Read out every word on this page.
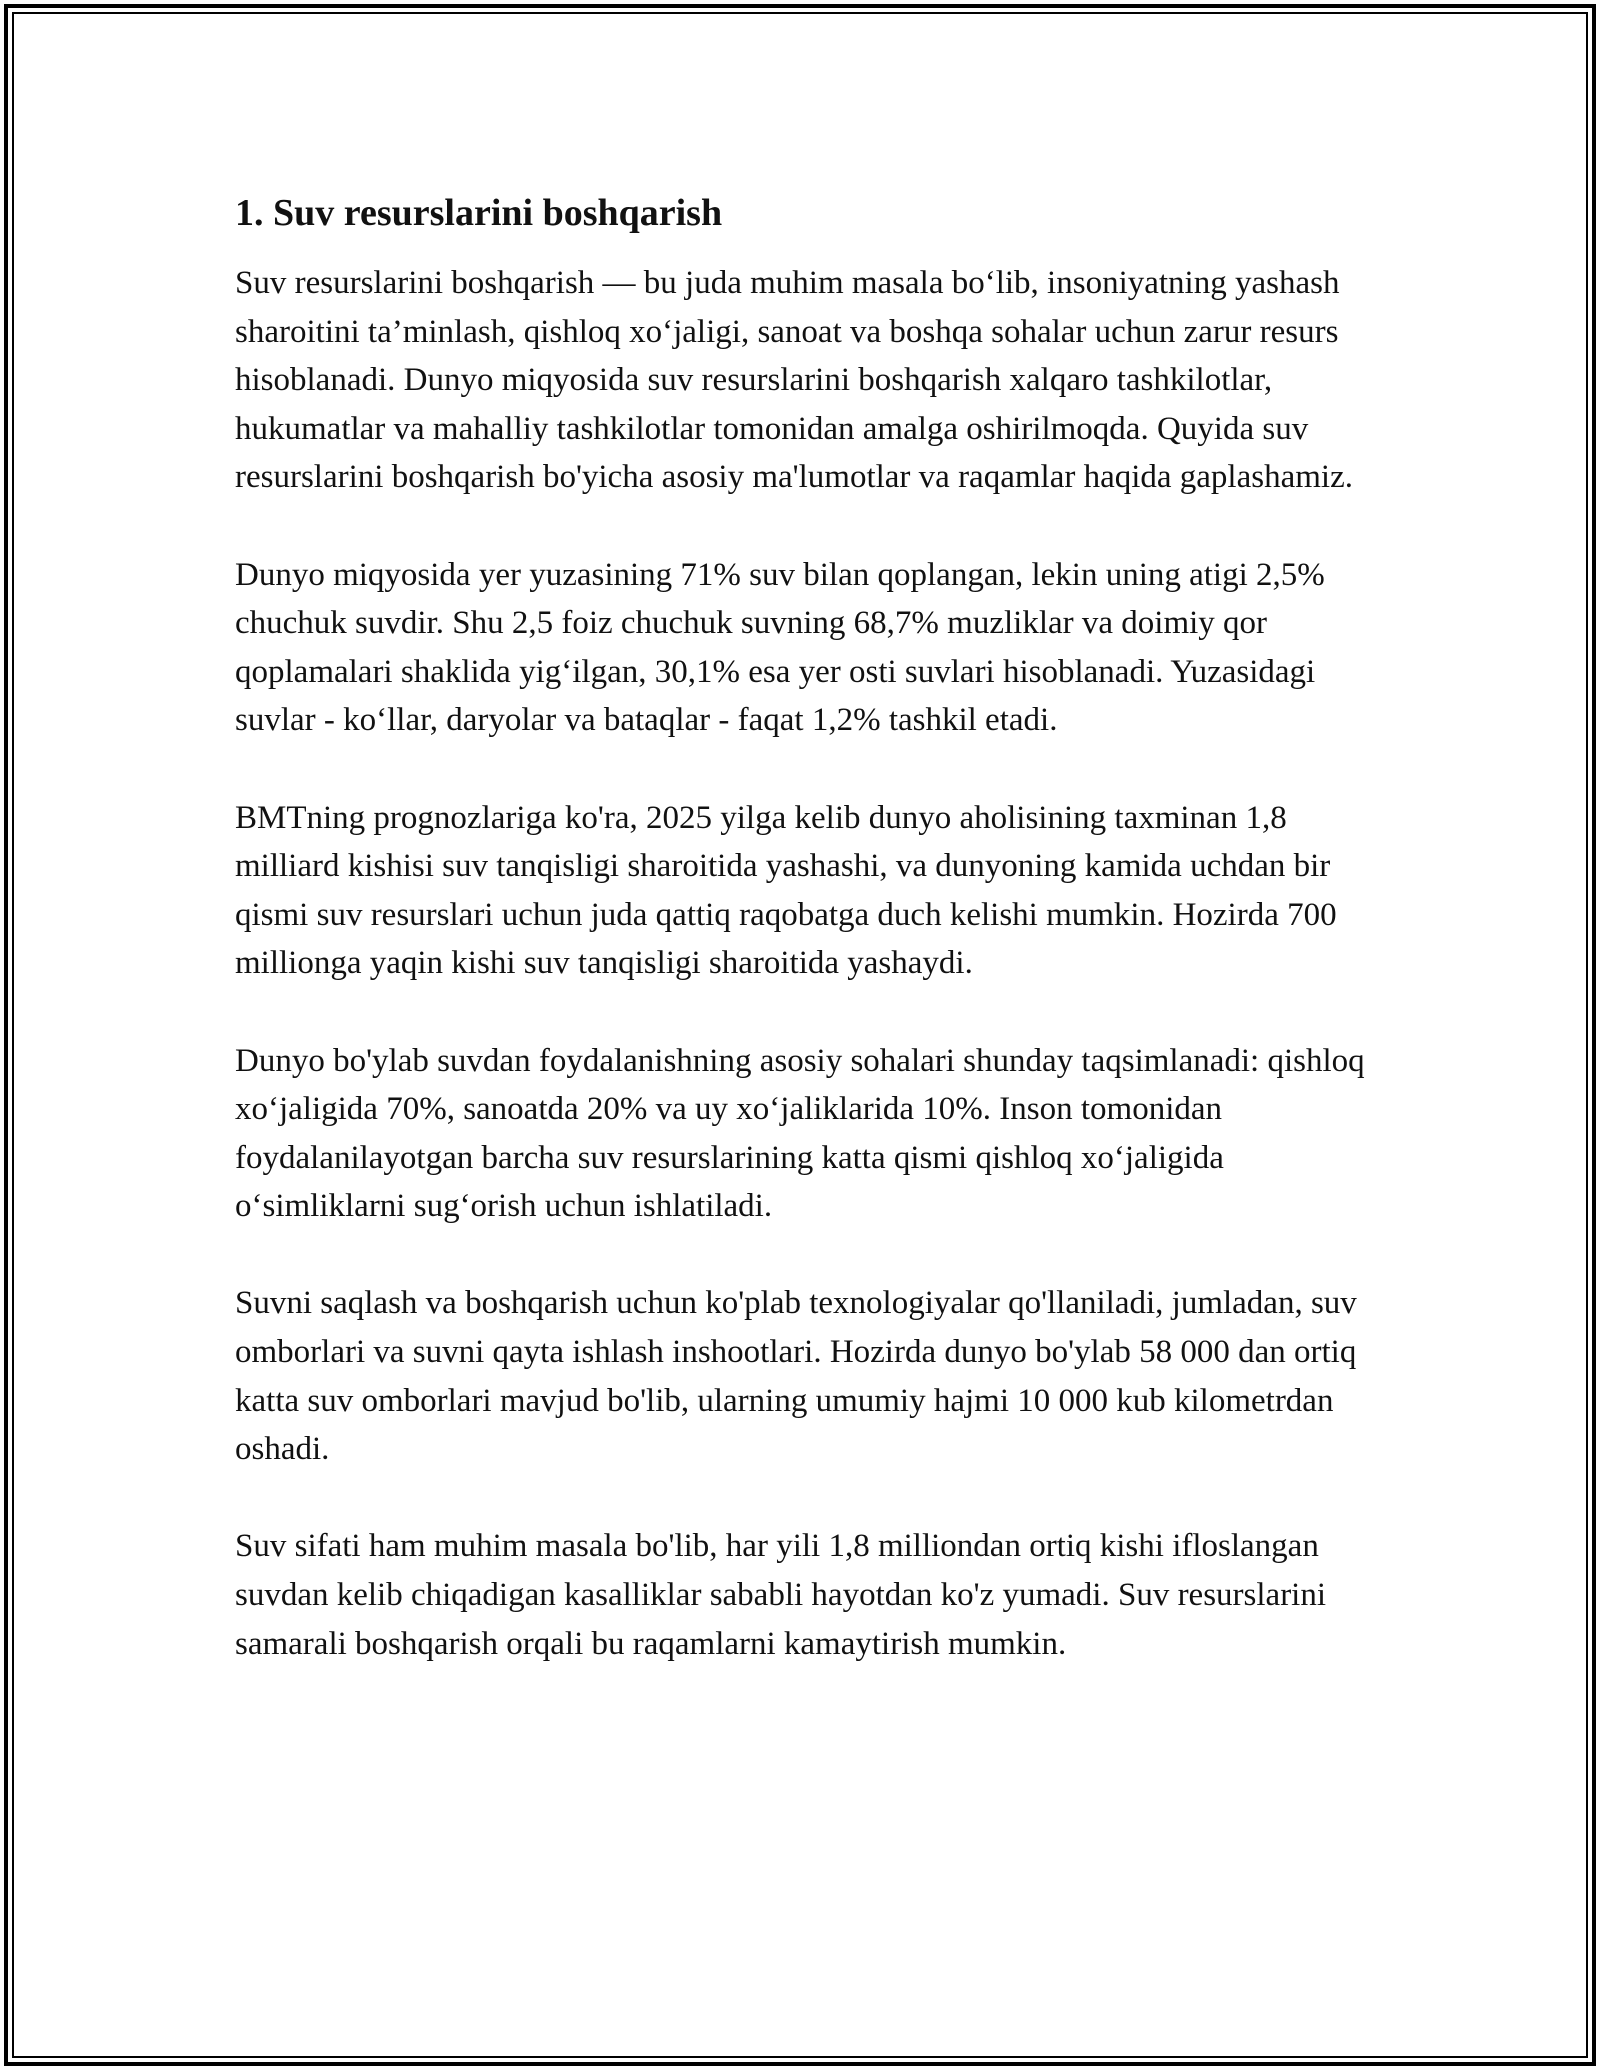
1. Suv resurslarini boshqarish

Suv resurslarini boshqarish — bu juda muhim masala boʻlib, insoniyatning yashash sharoitini ta’minlash, qishloq xoʻjaligi, sanoat va boshqa sohalar uchun zarur resurs hisoblanadi. Dunyo miqyosida suv resurslarini boshqarish xalqaro tashkilotlar, hukumatlar va mahalliy tashkilotlar tomonidan amalga oshirilmoqda. Quyida suv resurslarini boshqarish bo'yicha asosiy ma'lumotlar va raqamlar haqida gaplashamiz.

Dunyo miqyosida yer yuzasining 71% suv bilan qoplangan, lekin uning atigi 2,5% chuchuk suvdir. Shu 2,5 foiz chuchuk suvning 68,7% muzliklar va doimiy qor qoplamalari shaklida yigʻilgan, 30,1% esa yer osti suvlari hisoblanadi. Yuzasidagi suvlar - koʻllar, daryolar va bataqlar - faqat 1,2% tashkil etadi.

BMTning prognozlariga ko'ra, 2025 yilga kelib dunyo aholisining taxminan 1,8 milliard kishisi suv tanqisligi sharoitida yashashi, va dunyoning kamida uchdan bir qismi suv resurslari uchun juda qattiq raqobatga duch kelishi mumkin. Hozirda 700 millionga yaqin kishi suv tanqisligi sharoitida yashaydi.

Dunyo bo'ylab suvdan foydalanishning asosiy sohalari shunday taqsimlanadi: qishloq xoʻjaligida 70%, sanoatda 20% va uy xoʻjaliklarida 10%. Inson tomonidan foydalanilayotgan barcha suv resurslarining katta qismi qishloq xoʻjaligida oʻsimliklarni sugʻorish uchun ishlatiladi.

Suvni saqlash va boshqarish uchun ko'plab texnologiyalar qo'llaniladi, jumladan, suv omborlari va suvni qayta ishlash inshootlari. Hozirda dunyo bo'ylab 58 000 dan ortiq katta suv omborlari mavjud bo'lib, ularning umumiy hajmi 10 000 kub kilometrdan oshadi.

Suv sifati ham muhim masala bo'lib, har yili 1,8 milliondan ortiq kishi ifloslangan suvdan kelib chiqadigan kasalliklar sababli hayotdan ko'z yumadi. Suv resurslarini samarali boshqarish orqali bu raqamlarni kamaytirish mumkin.
